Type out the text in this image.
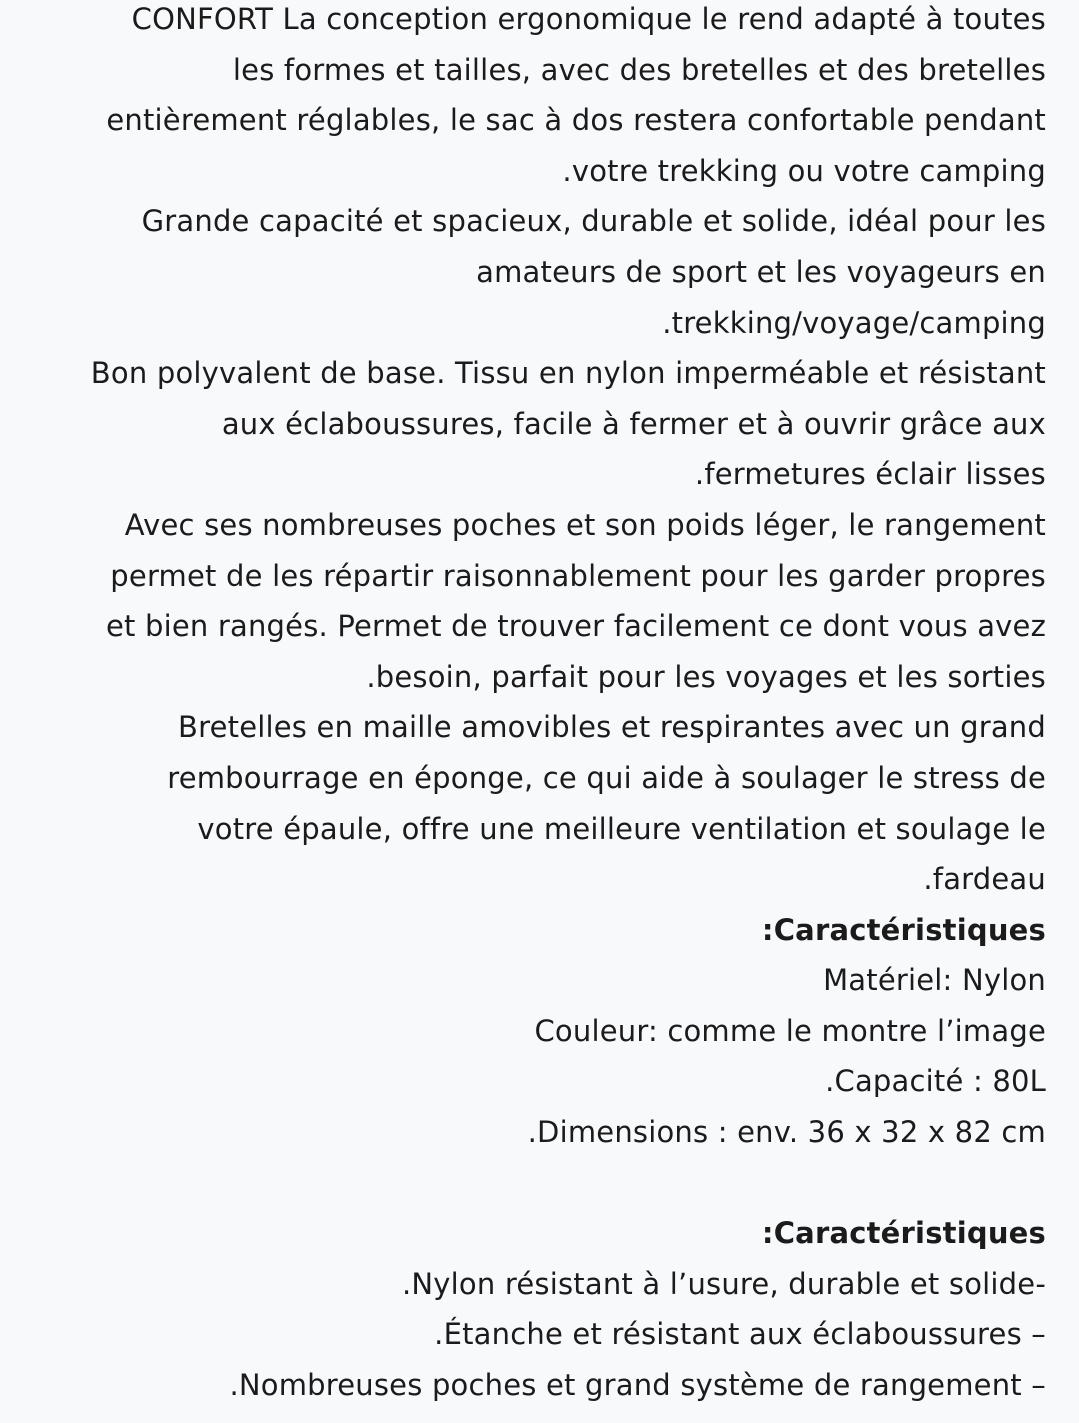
CONFORT La conception ergonomique le rend adapté à toutes
les formes et tailles, avec des bretelles et des bretelles
entièrement réglables, le sac à dos restera confortable pendant
.votre trekking ou votre camping
Grande capacité et spacieux, durable et solide, idéal pour les
amateurs de sport et les voyageurs en
.trekking/voyage/camping
Bon polyvalent de base. Tissu en nylon imperméable et résistant
aux éclaboussures, facile à fermer et à ouvrir grâce aux
.fermetures éclair lisses
Avec ses nombreuses poches et son poids léger, le rangement
permet de les répartir raisonnablement pour les garder propres
et bien rangés. Permet de trouver facilement ce dont vous avez
.besoin, parfait pour les voyages et les sorties
Bretelles en maille amovibles et respirantes avec un grand
rembourrage en éponge, ce qui aide à soulager le stress de
votre épaule, offre une meilleure ventilation et soulage le
.fardeau
:Caractéristiques
Matériel: Nylon
Couleur: comme le montre l’image
.Capacité : 80L
.Dimensions : env. 36 x 32 x 82 cm
:Caractéristiques
.Nylon résistant à l’usure, durable et solide-
.Étanche et résistant aux éclaboussures –
.Nombreuses poches et grand système de rangement –
